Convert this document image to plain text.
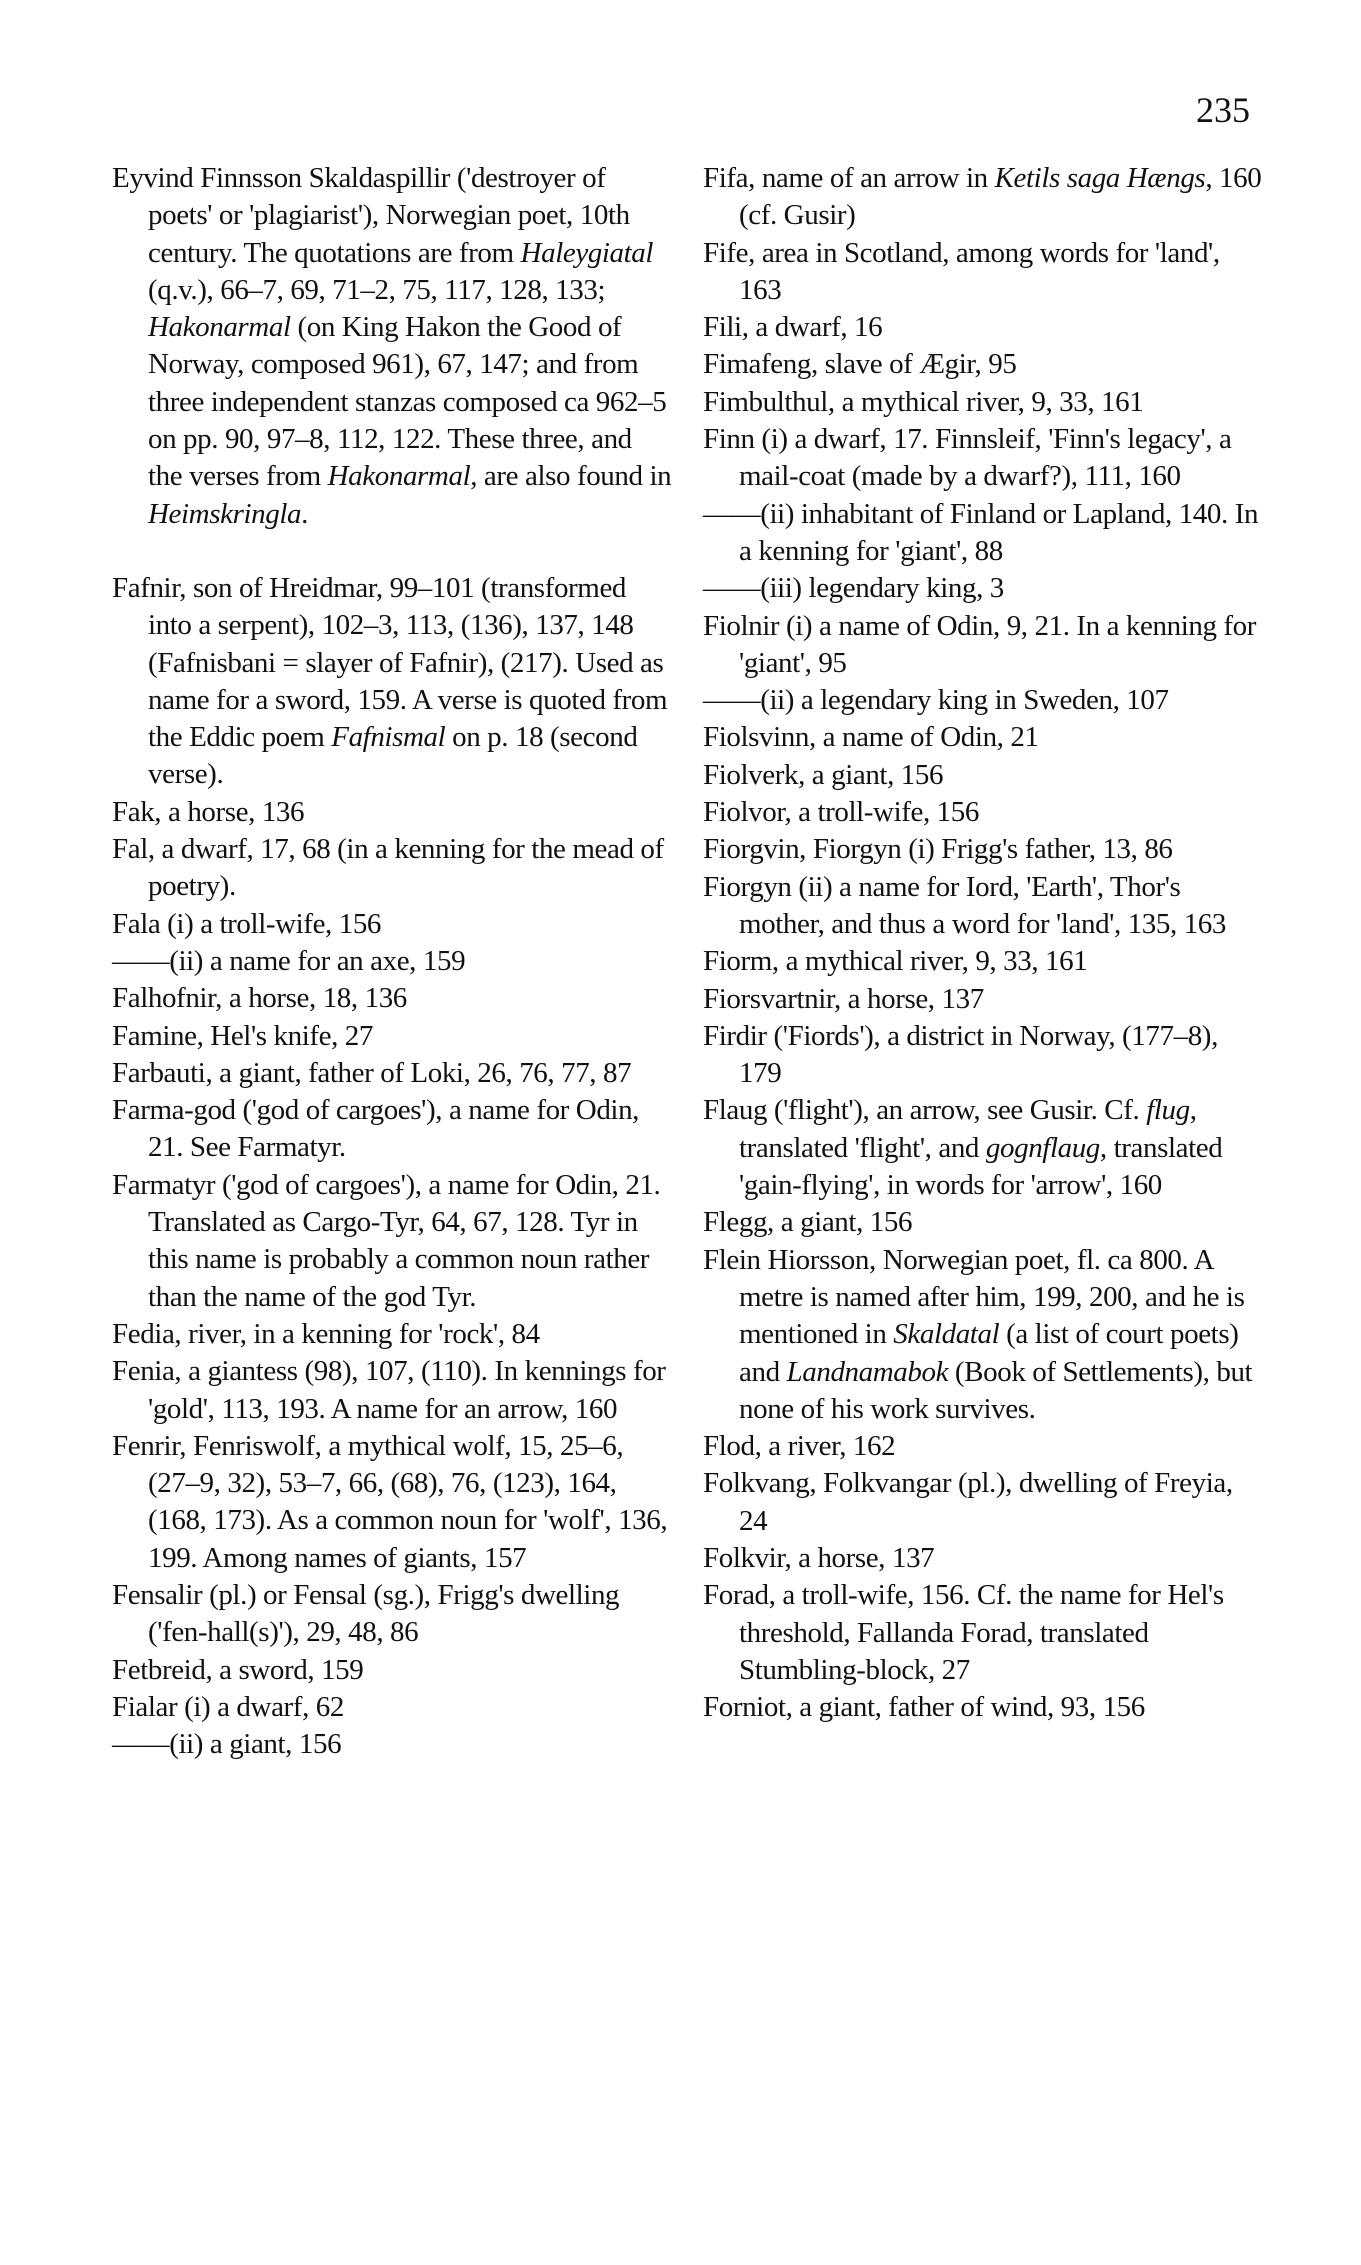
235

Eyvind Finnsson Skaldaspillir ('destroyer of poets' or 'plagiarist'), Norwegian poet, 10th century. The quotations are from Haleygiatal (q.v.), 66–7, 69, 71–2, 75, 117, 128, 133; Hakonarmal (on King Hakon the Good of Norway, composed 961), 67, 147; and from three independent stanzas composed ca 962–5 on pp. 90, 97–8, 112, 122. These three, and the verses from Hakonarmal, are also found in Heimskringla.

Fafnir, son of Hreidmar, 99–101 (transformed into a serpent), 102–3, 113, (136), 137, 148 (Fafnisbani = slayer of Fafnir), (217). Used as name for a sword, 159. A verse is quoted from the Eddic poem Fafnismal on p. 18 (second verse).

Fak, a horse, 136

Fal, a dwarf, 17, 68 (in a kenning for the mead of poetry).

Fala (i) a troll-wife, 156

——(ii) a name for an axe, 159

Falhofnir, a horse, 18, 136

Famine, Hel's knife, 27

Farbauti, a giant, father of Loki, 26, 76, 77, 87

Farma-god ('god of cargoes'), a name for Odin, 21. See Farmatyr.

Farmatyr ('god of cargoes'), a name for Odin, 21. Translated as Cargo-Tyr, 64, 67, 128. Tyr in this name is probably a common noun rather than the name of the god Tyr.

Fedia, river, in a kenning for 'rock', 84

Fenia, a giantess (98), 107, (110). In kennings for 'gold', 113, 193. A name for an arrow, 160

Fenrir, Fenriswolf, a mythical wolf, 15, 25–6, (27–9, 32), 53–7, 66, (68), 76, (123), 164, (168, 173). As a common noun for 'wolf', 136, 199. Among names of giants, 157

Fensalir (pl.) or Fensal (sg.), Frigg's dwelling ('fen-hall(s)'), 29, 48, 86

Fetbreid, a sword, 159

Fialar (i) a dwarf, 62

——(ii) a giant, 156

Fifa, name of an arrow in Ketils saga Hængs, 160 (cf. Gusir)

Fife, area in Scotland, among words for 'land', 163

Fili, a dwarf, 16

Fimafeng, slave of Ægir, 95

Fimbulthul, a mythical river, 9, 33, 161

Finn (i) a dwarf, 17. Finnsleif, 'Finn's legacy', a mail-coat (made by a dwarf?), 111, 160

——(ii) inhabitant of Finland or Lapland, 140. In a kenning for 'giant', 88

——(iii) legendary king, 3

Fiolnir (i) a name of Odin, 9, 21. In a kenning for 'giant', 95

——(ii) a legendary king in Sweden, 107

Fiolsvinn, a name of Odin, 21

Fiolverk, a giant, 156

Fiolvor, a troll-wife, 156

Fiorgvin, Fiorgyn (i) Frigg's father, 13, 86

Fiorgyn (ii) a name for Iord, 'Earth', Thor's mother, and thus a word for 'land', 135, 163

Fiorm, a mythical river, 9, 33, 161

Fiorsvartnir, a horse, 137

Firdir ('Fiords'), a district in Norway, (177–8), 179

Flaug ('flight'), an arrow, see Gusir. Cf. flug, translated 'flight', and gognflaug, translated 'gain-flying', in words for 'arrow', 160

Flegg, a giant, 156

Flein Hiorsson, Norwegian poet, fl. ca 800. A metre is named after him, 199, 200, and he is mentioned in Skaldatal (a list of court poets) and Landnamabok (Book of Settlements), but none of his work survives.

Flod, a river, 162

Folkvang, Folkvangar (pl.), dwelling of Freyia, 24

Folkvir, a horse, 137

Forad, a troll-wife, 156. Cf. the name for Hel's threshold, Fallanda Forad, translated Stumbling-block, 27

Forniot, a giant, father of wind, 93, 156
